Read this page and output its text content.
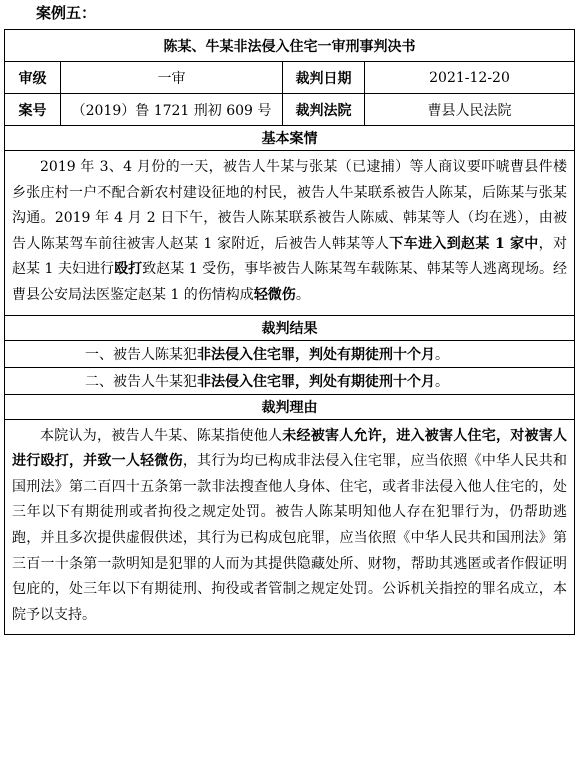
案例五：
陈某、牛某非法侵入住宅一审刑事判决书			
审级	一审	裁判日期	2021-12-20
案号	（2019）鲁 1721 刑初 609 号	裁判法院	曹县人民法院
基本案情			
2019 年 3、4 月份的一天，被告人牛某与张某（已逮捕）等人商议要吓唬曹县件楼乡张庄村一户不配合新农村建设征地的村民，被告人牛某联系被告人陈某，后陈某与张某沟通。2019 年 4 月 2 日下午，被告人陈某联系被告人陈威、韩某等人（均在逃），由被告人陈某驾车前往被害人赵某 1 家附近，后被告人韩某等人下车进入到赵某 1 家中，对赵某 1 夫妇进行殴打致赵某 1 受伤，事毕被告人陈某驾车载陈某、韩某等人逃离现场。经曹县公安局法医鉴定赵某 1 的伤情构成轻微伤。			
裁判结果			
一、被告人陈某犯非法侵入住宅罪，判处有期徒刑十个月。			
二、被告人牛某犯非法侵入住宅罪，判处有期徒刑十个月。			
裁判理由			
本院认为，被告人牛某、陈某指使他人未经被害人允许，进入被害人住宅，对被害人进行殴打，并致一人轻微伤，其行为均已构成非法侵入住宅罪，应当依照《中华人民共和国刑法》第二百四十五条第一款非法搜查他人身体、住宅，或者非法侵入他人住宅的，处三年以下有期徒刑或者拘役之规定处罚。被告人陈某明知他人存在犯罪行为，仍帮助逃跑，并且多次提供虚假供述，其行为已构成包庇罪，应当依照《中华人民共和国刑法》第三百一十条第一款明知是犯罪的人而为其提供隐藏处所、财物，帮助其逃匿或者作假证明包庇的，处三年以下有期徒刑、拘役或者管制之规定处罚。公诉机关指控的罪名成立，本院予以支持。			
